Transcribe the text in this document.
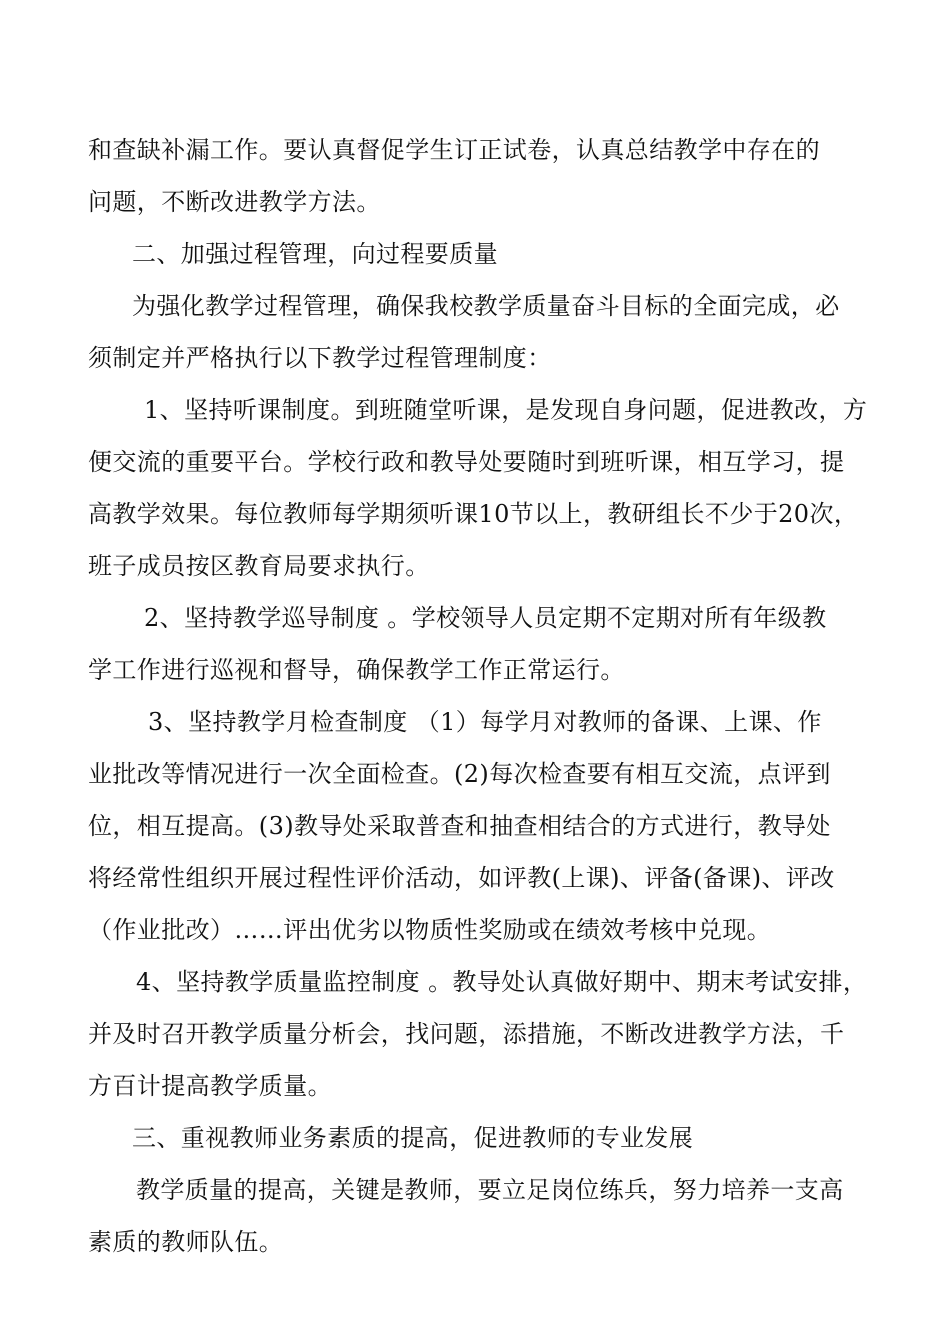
和查缺补漏工作。要认真督促学生订正试卷，认真总结教学中存在的
问题，不断改进教学方法。
二、加强过程管理，向过程要质量
为强化教学过程管理，确保我校教学质量奋斗目标的全面完成，必
须制定并严格执行以下教学过程管理制度：
1、坚持听课制度。到班随堂听课，是发现自身问题，促进教改，方
便交流的重要平台。学校行政和教导处要随时到班听课，相互学习，提
高教学效果。每位教师每学期须听课10节以上，教研组长不少于20次，
班子成员按区教育局要求执行。
2、坚持教学巡导制度 。学校领导人员定期不定期对所有年级教
学工作进行巡视和督导，确保教学工作正常运行。
3、坚持教学月检查制度 （1）每学月对教师的备课、上课、作
业批改等情况进行一次全面检查。(2)每次检查要有相互交流，点评到
位，相互提高。(3)教导处采取普查和抽查相结合的方式进行，教导处
将经常性组织开展过程性评价活动，如评教(上课)、评备(备课)、评改
（作业批改）……评出优劣以物质性奖励或在绩效考核中兑现。
4、坚持教学质量监控制度 。教导处认真做好期中、期末考试安排，
并及时召开教学质量分析会，找问题，添措施，不断改进教学方法，千
方百计提高教学质量。
三、重视教师业务素质的提高，促进教师的专业发展
教学质量的提高，关键是教师，要立足岗位练兵，努力培养一支高
素质的教师队伍。
